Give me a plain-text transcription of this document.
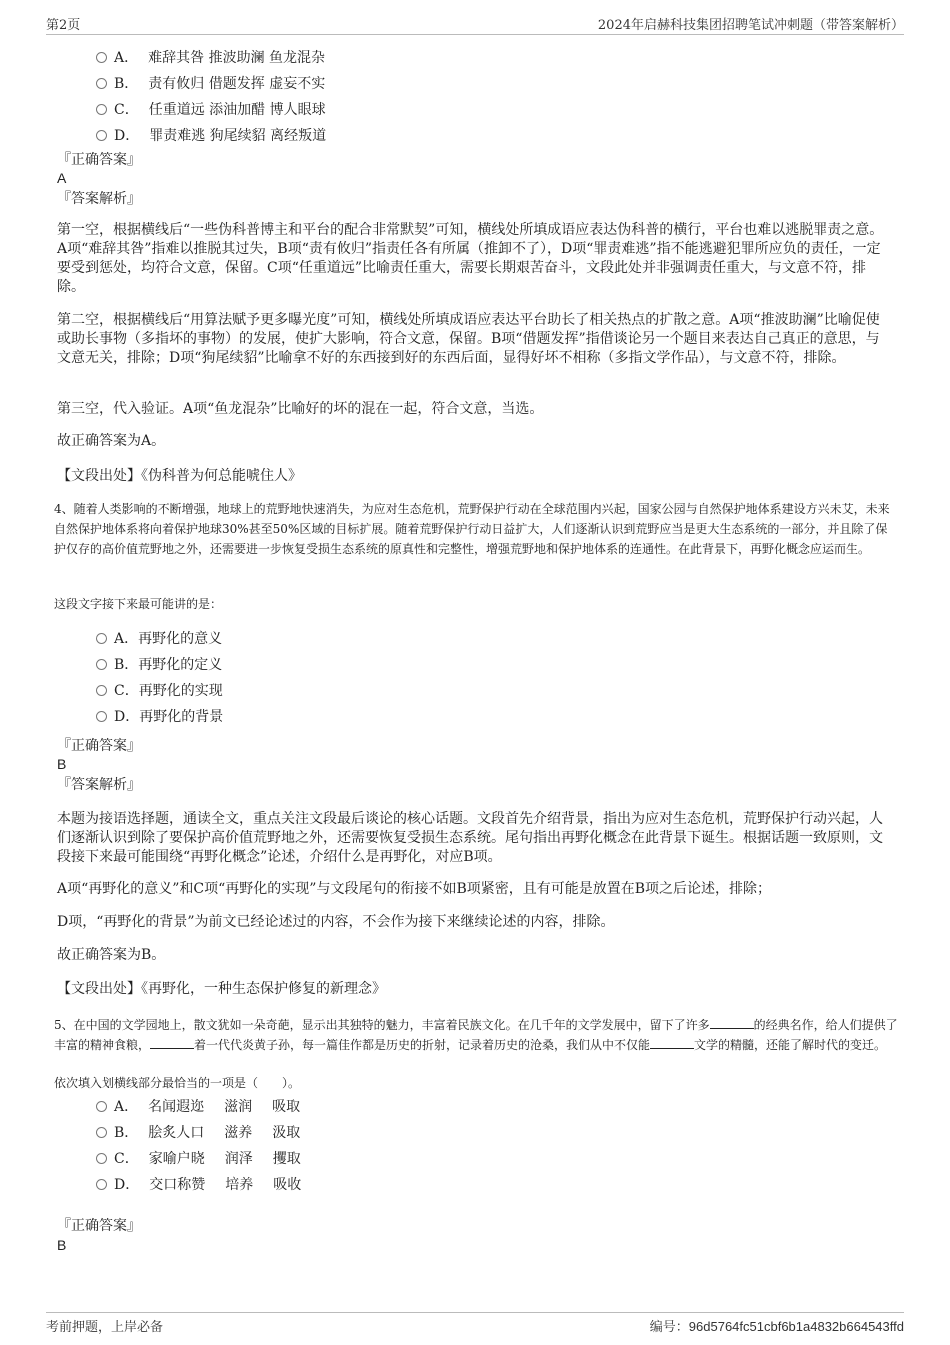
第2页	2024年启赫科技集团招聘笔试冲刺题（带答案解析）
A． 难辞其咎 推波助澜 鱼龙混杂
B． 责有攸归 借题发挥 虚妄不实
C． 任重道远 添油加醋 博人眼球
D． 罪责难逃 狗尾续貂 离经叛道
『正确答案』
A
『答案解析』
第一空，根据横线后“一些伪科普博主和平台的配合非常默契”可知，横线处所填成语应表达伪科普的横行，平台也难以逃脱罪责之意。A项“难辞其咎”指难以推脱其过失，B项“责有攸归”指责任各有所属（推卸不了），D项“罪责难逃”指不能逃避犯罪所应负的责任，一定要受到惩处，均符合文意，保留。C项“任重道远”比喻责任重大，需要长期艰苦奋斗，文段此处并非强调责任重大，与文意不符，排除。
第二空，根据横线后“用算法赋予更多曝光度”可知，横线处所填成语应表达平台助长了相关热点的扩散之意。A项“推波助澜”比喻促使或助长事物（多指坏的事物）的发展，使扩大影响，符合文意，保留。B项“借题发挥”指借谈论另一个题目来表达自己真正的意思，与文意无关，排除；D项“狗尾续貂”比喻拿不好的东西接到好的东西后面，显得好坏不相称（多指文学作品），与文意不符，排除。
第三空，代入验证。A项“鱼龙混杂”比喻好的坏的混在一起，符合文意，当选。
故正确答案为A。
【文段出处】《伪科普为何总能唬住人》
4、随着人类影响的不断增强，地球上的荒野地快速消失，为应对生态危机，荒野保护行动在全球范围内兴起，国家公园与自然保护地体系建设方兴未艾，未来自然保护地体系将向着保护地球30%甚至50%区域的目标扩展。随着荒野保护行动日益扩大，人们逐渐认识到荒野应当是更大生态系统的一部分，并且除了保护仅存的高价值荒野地之外，还需要进一步恢复受损生态系统的原真性和完整性，增强荒野地和保护地体系的连通性。在此背景下，再野化概念应运而生。
这段文字接下来最可能讲的是：
A．再野化的意义
B．再野化的定义
C．再野化的实现
D．再野化的背景
『正确答案』
B
『答案解析』
本题为接语选择题，通读全文，重点关注文段最后谈论的核心话题。文段首先介绍背景，指出为应对生态危机，荒野保护行动兴起，人们逐渐认识到除了要保护高价值荒野地之外，还需要恢复受损生态系统。尾句指出再野化概念在此背景下诞生。根据话题一致原则，文段接下来最可能围绕“再野化概念”论述，介绍什么是再野化，对应B项。
A项“再野化的意义”和C项“再野化的实现”与文段尾句的衔接不如B项紧密，且有可能是放置在B项之后论述，排除；
D项，“再野化的背景”为前文已经论述过的内容，不会作为接下来继续论述的内容，排除。
故正确答案为B。
【文段出处】《再野化，一种生态保护修复的新理念》
5、在中国的文学园地上，散文犹如一朵奇葩，显示出其独特的魅力，丰富着民族文化。在几千年的文学发展中，留下了许多	的经典名作，给人们提供了丰富的精神食粮，	着一代代炎黄子孙，每一篇佳作都是历史的折射，记录着历史的沧桑，我们从中不仅能	文学的精髓，还能了解时代的变迁。
依次填入划横线部分最恰当的一项是（　　）。
A． 名闻遐迩 滋润 吸取
B． 脍炙人口 滋养 汲取
C． 家喻户晓 润泽 攫取
D． 交口称赞 培养 吸收
『正确答案』
B
考前押题，上岸必备	编号：96d5764fc51cbf6b1a4832b664543ffd
